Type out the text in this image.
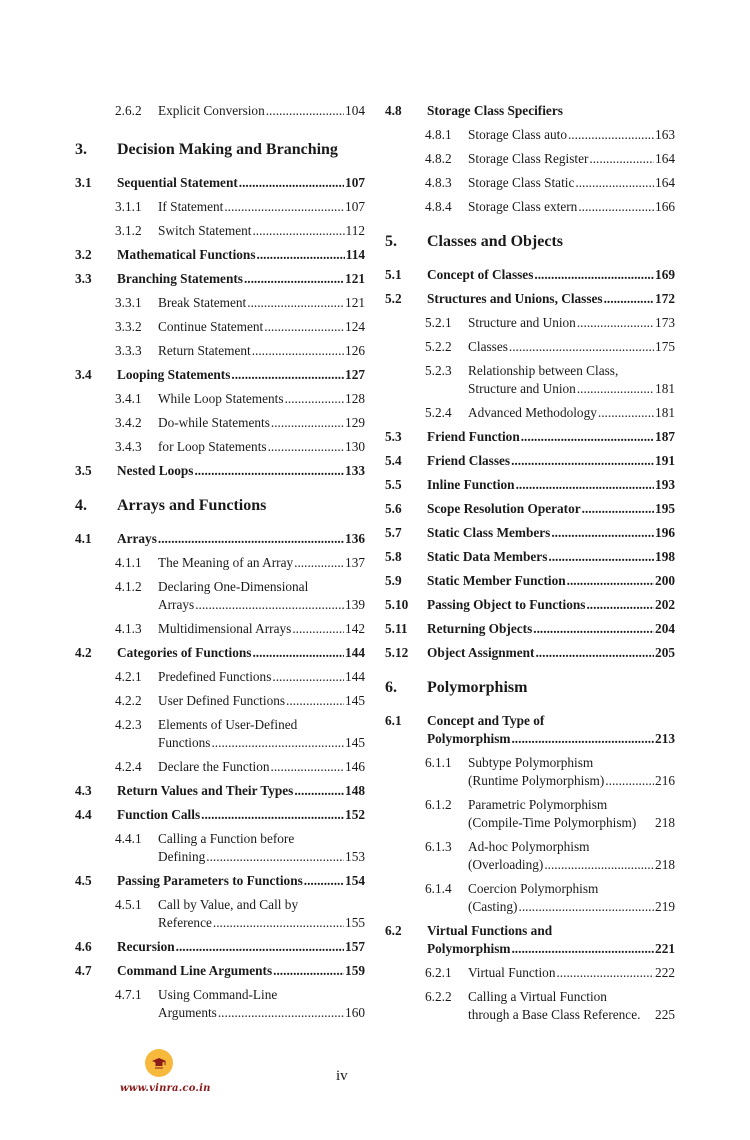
2.6.2	Explicit Conversion .....	104
3.	Decision Making and Branching
3.1	Sequential Statement .....	107
3.1.1	If Statement .....	107
3.1.2	Switch Statement .....	112
3.2	Mathematical Functions .....	114
3.3	Branching Statements .....	121
3.3.1	Break Statement .....	121
3.3.2	Continue Statement .....	124
3.3.3	Return Statement .....	126
3.4	Looping Statements .....	127
3.4.1	While Loop Statements .....	128
3.4.2	Do-while Statements .....	129
3.4.3	for Loop Statements .....	130
3.5	Nested Loops .....	133
4.	Arrays and Functions
4.1	Arrays .....	136
4.1.1	The Meaning of an Array .....	137
4.1.2	Declaring One-Dimensional
Arrays .....	139
4.1.3	Multidimensional Arrays .....	142
4.2	Categories of Functions .....	144
4.2.1	Predefined Functions .....	144
4.2.2	User Defined Functions .....	145
4.2.3	Elements of User-Defined
Functions .....	145
4.2.4	Declare the Function .....	146
4.3	Return Values and Their Types .....	148
4.4	Function Calls .....	152
4.4.1	Calling a Function before
Defining .....	153
4.5	Passing Parameters to Functions .....	154
4.5.1	Call by Value, and Call by
Reference .....	155
4.6	Recursion .....	157
4.7	Command Line Arguments .....	159
4.7.1	Using Command-Line
Arguments .....	160
4.8	Storage Class Specifiers
4.8.1	Storage Class auto .....	163
4.8.2	Storage Class Register .....	164
4.8.3	Storage Class Static .....	164
4.8.4	Storage Class extern .....	166
5.	Classes and Objects
5.1	Concept of Classes .....	169
5.2	Structures and Unions, Classes .....	172
5.2.1	Structure and Union .....	173
5.2.2	Classes .....	175
5.2.3	Relationship between Class,
Structure and Union .....	181
5.2.4	Advanced Methodology .....	181
5.3	Friend Function .....	187
5.4	Friend Classes .....	191
5.5	Inline Function .....	193
5.6	Scope Resolution Operator .....	195
5.7	Static Class Members .....	196
5.8	Static Data Members .....	198
5.9	Static Member Function .....	200
5.10	Passing Object to Functions .....	202
5.11	Returning Objects .....	204
5.12	Object Assignment .....	205
6.	Polymorphism
6.1	Concept and Type of
Polymorphism .....	213
6.1.1	Subtype Polymorphism
(Runtime Polymorphism) .....	216
6.1.2	Parametric Polymorphism
(Compile-Time Polymorphism) 218
6.1.3	Ad-hoc Polymorphism
(Overloading) .....	218
6.1.4	Coercion Polymorphism
(Casting) .....	219
6.2	Virtual Functions and
Polymorphism .....	221
6.2.1	Virtual Function .....	222
6.2.2	Calling a Virtual Function
through a Base Class Reference. 225
www.vinra.co.in
iv
